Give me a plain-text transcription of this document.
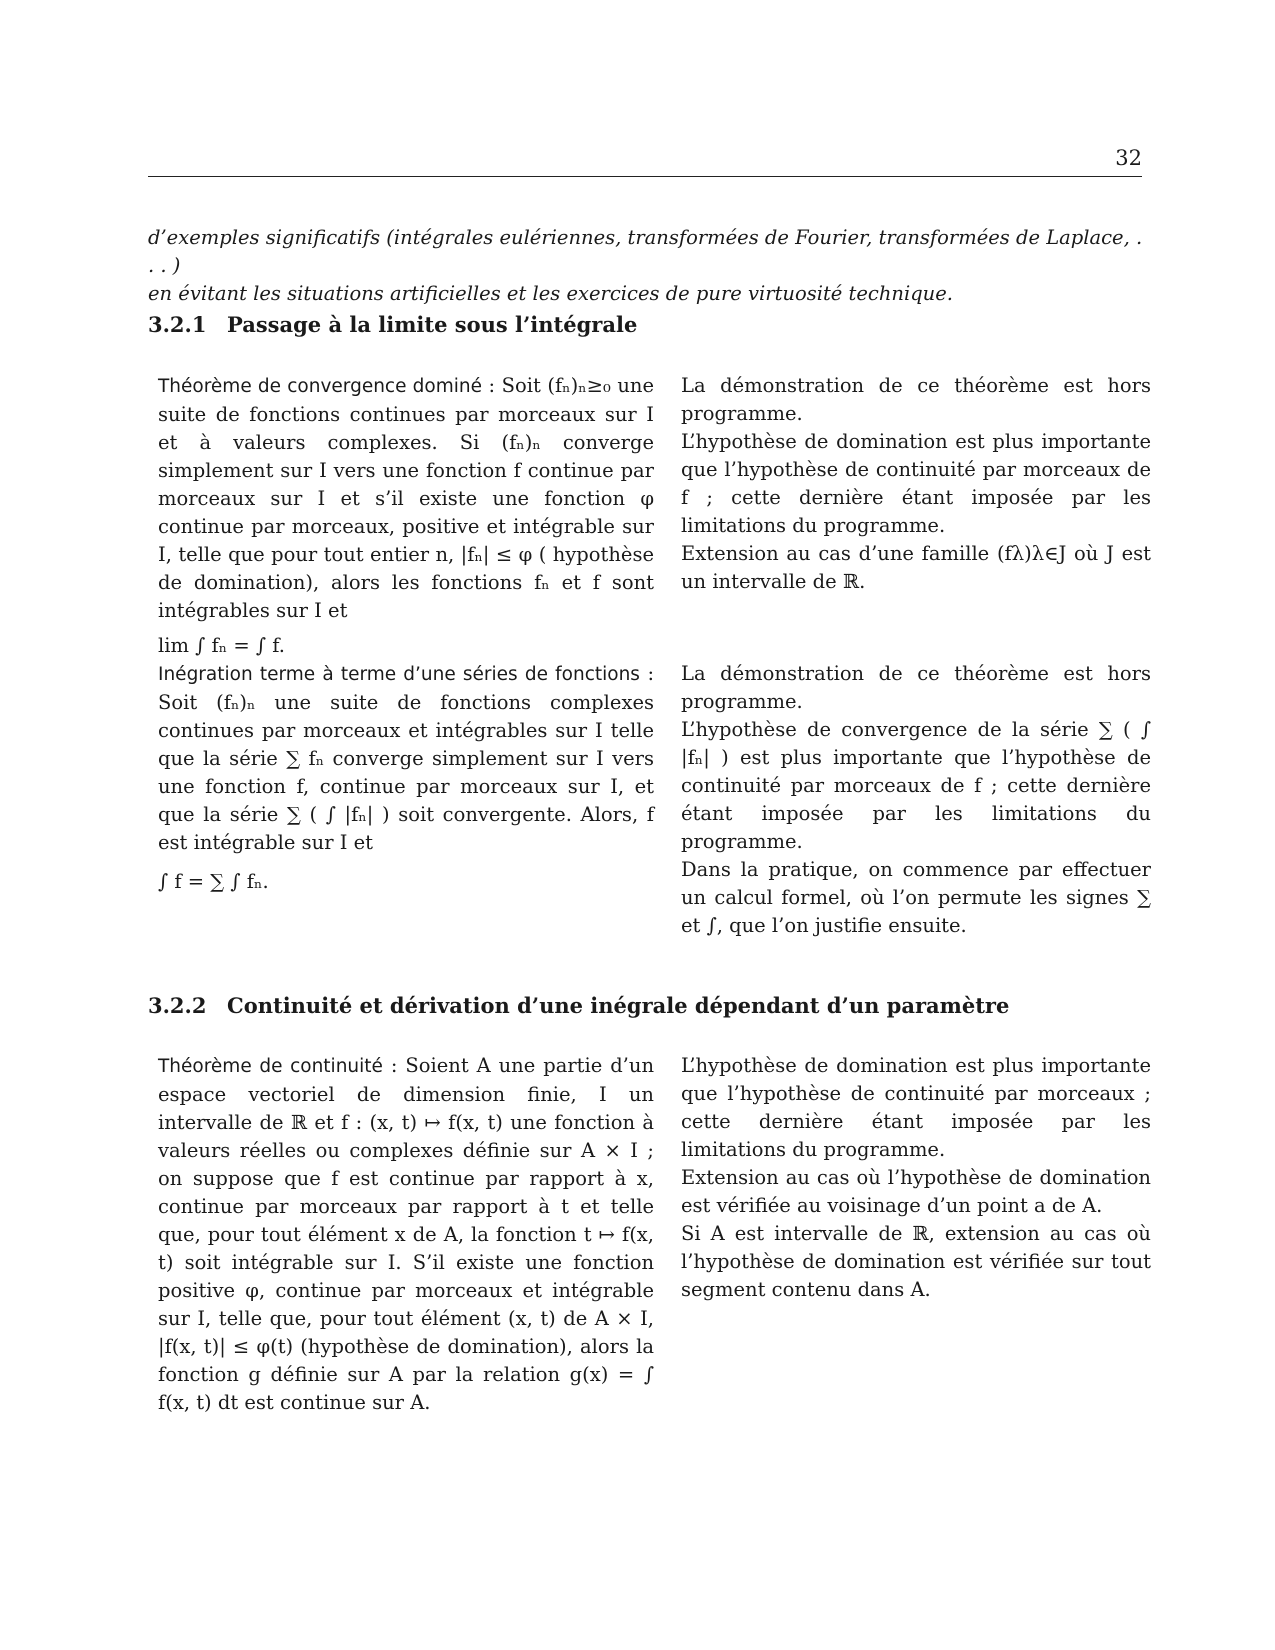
32
d’exemples significatifs (intégrales eulériennes, transformées de Fourier, transformées de Laplace, . . . )
en évitant les situations artificielles et les exercices de pure virtuosité technique.
3.2.1 Passage à la limite sous l’intégrale

Théorème de convergence dominé : Soit (fₙ)ₙ≥₀ une suite de fonctions continues par morceaux sur I et à valeurs complexes. Si (fₙ)ₙ converge simplement sur I vers une fonction f continue par morceaux sur I et s’il existe une fonction φ continue par morceaux, positive et intégrable sur I, telle que pour tout entier n, |fₙ| ≤ φ ( hypothèse de domination), alors les fonctions fₙ et f sont intégrables sur I et

lim ∫ fₙ = ∫ f.

La démonstration de ce théorème est hors programme.

L’hypothèse de domination est plus importante que l’hypothèse de continuité par morceaux de f ; cette dernière étant imposée par les limitations du programme.

Extension au cas d’une famille (fλ)λ∈J où J est un intervalle de ℝ.

Inégration terme à terme d’une séries de fonctions : Soit (fₙ)ₙ une suite de fonctions complexes continues par morceaux et intégrables sur I telle que la série ∑ fₙ converge simplement sur I vers une fonction f, continue par morceaux sur I, et que la série ∑ ( ∫ |fₙ| ) soit convergente. Alors, f est intégrable sur I et

∫ f = ∑ ∫ fₙ.

La démonstration de ce théorème est hors programme.

L’hypothèse de convergence de la série ∑ ( ∫ |fₙ| ) est plus importante que l’hypothèse de continuité par morceaux de f ; cette dernière étant imposée par les limitations du programme.

Dans la pratique, on commence par effectuer un calcul formel, où l’on permute les signes ∑ et ∫, que l’on justifie ensuite.

3.2.2 Continuité et dérivation d’une inégrale dépendant d’un paramètre

Théorème de continuité : Soient A une partie d’un espace vectoriel de dimension finie, I un intervalle de ℝ et f : (x, t) ↦ f(x, t) une fonction à valeurs réelles ou complexes définie sur A × I ; on suppose que f est continue par rapport à x, continue par morceaux par rapport à t et telle que, pour tout élément x de A, la fonction t ↦ f(x, t) soit intégrable sur I. S’il existe une fonction positive φ, continue par morceaux et intégrable sur I, telle que, pour tout élément (x, t) de A × I, |f(x, t)| ≤ φ(t) (hypothèse de domination), alors la fonction g définie sur A par la relation g(x) = ∫ f(x, t) dt est continue sur A.

L’hypothèse de domination est plus importante que l’hypothèse de continuité par morceaux ; cette dernière étant imposée par les limitations du programme.

Extension au cas où l’hypothèse de domination est vérifiée au voisinage d’un point a de A.

Si A est intervalle de ℝ, extension au cas où l’hypothèse de domination est vérifiée sur tout segment contenu dans A.
